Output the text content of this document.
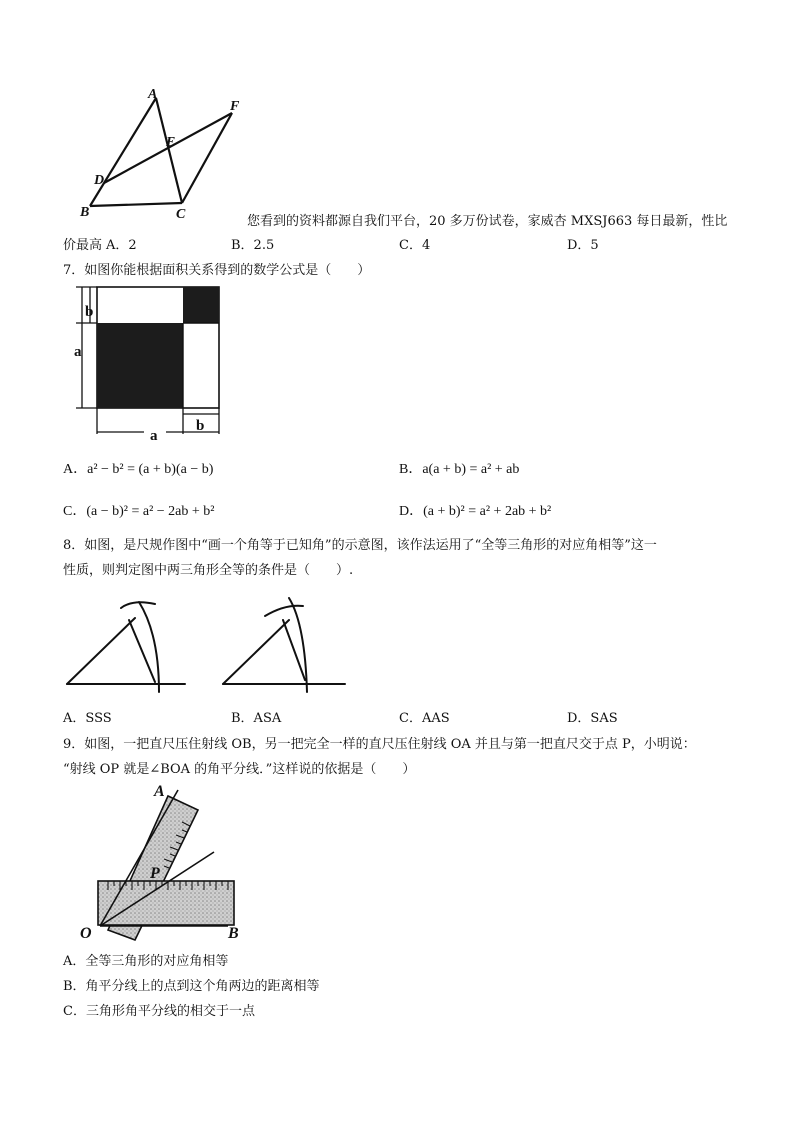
A
F
E
D
B	C	您看到的资料都源自我们平台，20 多万份试卷，家威杏 MXSJ663 每日最新，性比
价最高 A．2	B．2.5	C．4	D．5
7．如图你能根据面积关系得到的数学公式是（　　）
b
a
b
a
A．a² − b² = (a + b)(a − b)	B．a(a + b) = a² + ab
C．(a − b)² = a² − 2ab + b²	D．(a + b)² = a² + 2ab + b²
8．如图，是尺规作图中“画一个角等于已知角”的示意图，该作法运用了“全等三角形的对应角相等”这一
性质，则判定图中两三角形全等的条件是（　　）.
A．SSS	B．ASA	C．AAS	D．SAS
9．如图，一把直尺压住射线 OB，另一把完全一样的直尺压住射线 OA 并且与第一把直尺交于点 P，小明说：
“射线 OP 就是∠BOA 的角平分线．”这样说的依据是（　　）
A
P
O	B
A．全等三角形的对应角相等
B．角平分线上的点到这个角两边的距离相等
C．三角形角平分线的相交于一点
